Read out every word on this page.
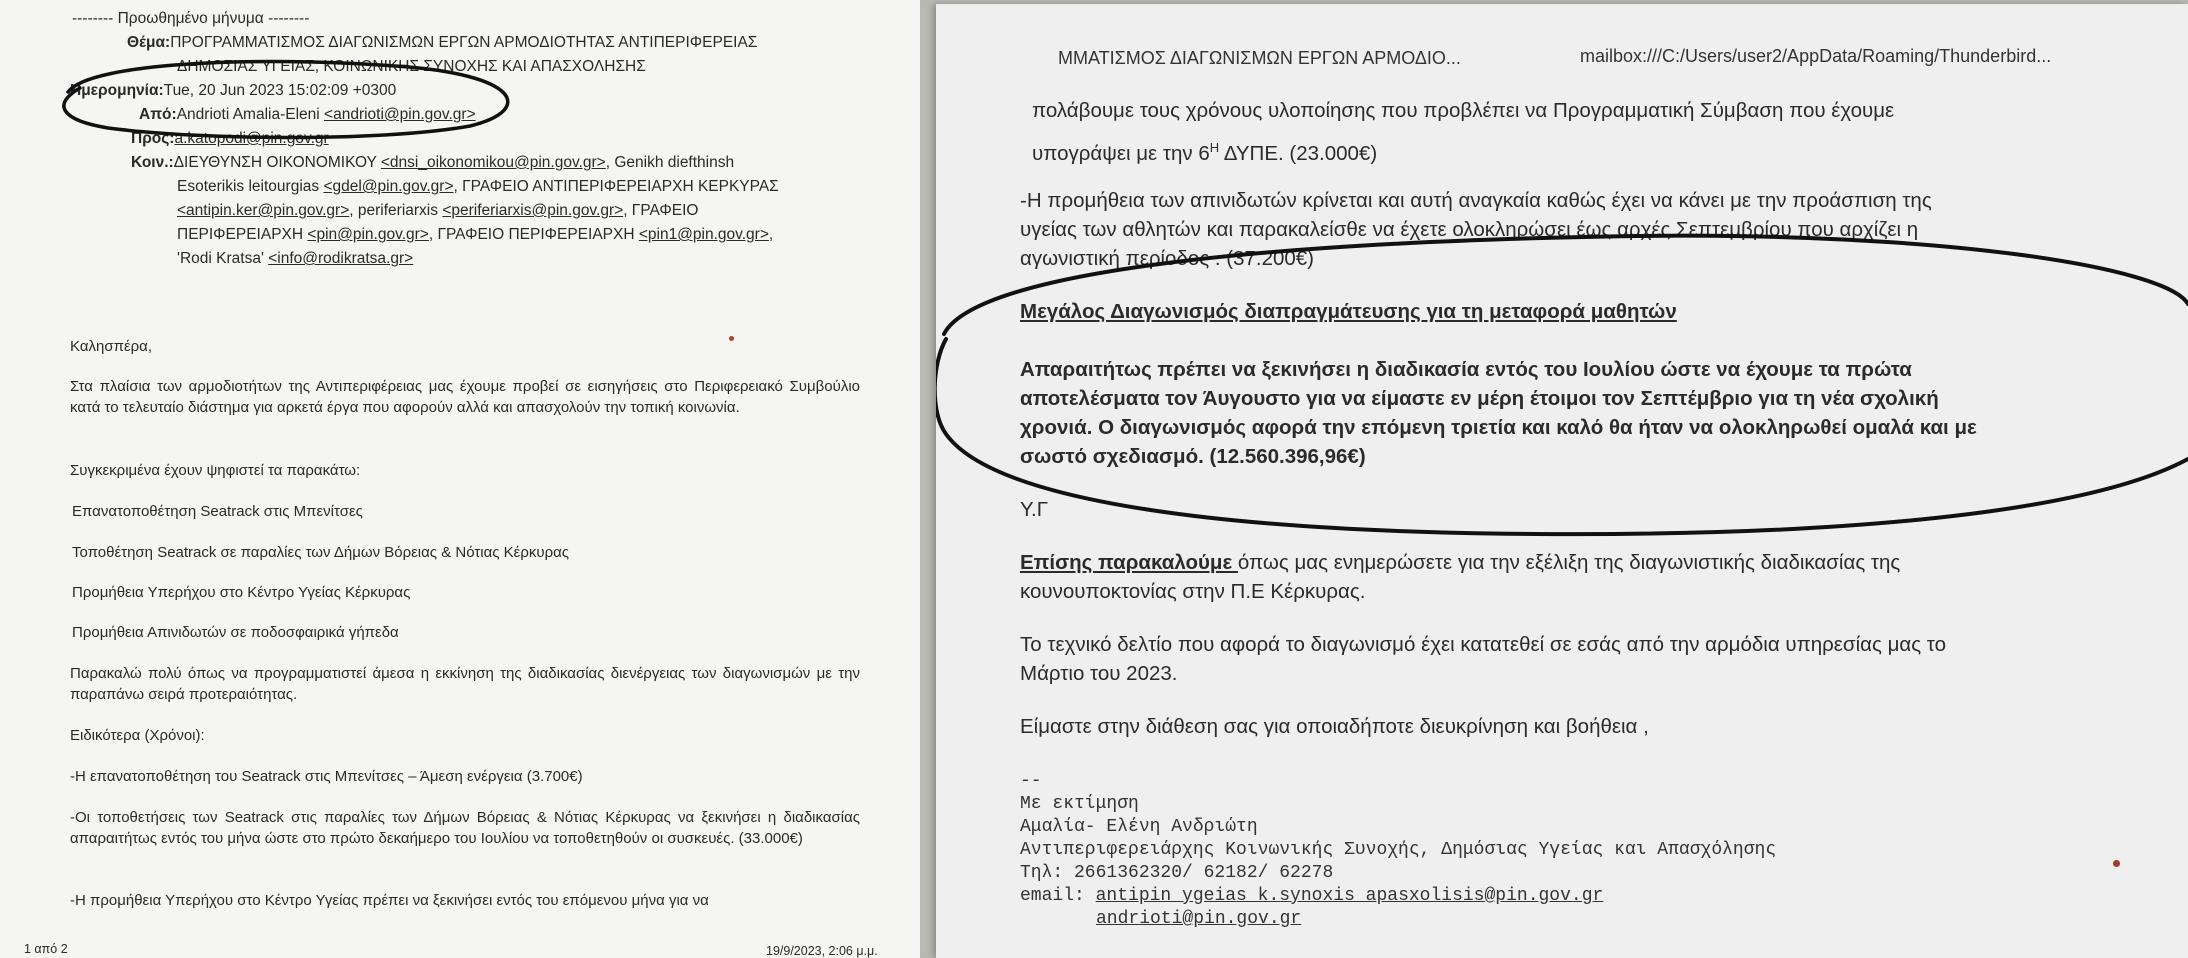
-------- Προωθημένο μήνυμα --------
Θέμα:ΠΡΟΓΡΑΜΜΑΤΙΣΜΟΣ ΔΙΑΓΩΝΙΣΜΩΝ ΕΡΓΩΝ ΑΡΜΟΔΙΟΤΗΤΑΣ ΑΝΤΙΠΕΡΙΦΕΡΕΙΑΣ
ΔΗΜΟΣΙΑΣ ΥΓΕΙΑΣ, ΚΟΙΝΩΝΙΚΗΣ ΣΥΝΟΧΗΣ ΚΑΙ ΑΠΑΣΧΟΛΗΣΗΣ
Ημερομηνία:Tue, 20 Jun 2023 15:02:09 +0300
Από:Andrioti Amalia-Eleni <andrioti@pin.gov.gr>
Προς:a.katopodi@pin.gov.gr
Κοιν.:ΔΙΕΥΘΥΝΣΗ ΟΙΚΟΝΟΜΙΚΟΥ <dnsi_oikonomikou@pin.gov.gr>, Genikh diefthinsh
Esoterikis leitourgias <gdel@pin.gov.gr>, ΓΡΑΦΕΙΟ ΑΝΤΙΠΕΡΙΦΕΡΕΙΑΡΧΗ ΚΕΡΚΥΡΑΣ
<antipin.ker@pin.gov.gr>, periferiarxis <periferiarxis@pin.gov.gr>, ΓΡΑΦΕΙΟ
ΠΕΡΙΦΕΡΕΙΑΡΧΗ <pin@pin.gov.gr>, ΓΡΑΦΕΙΟ ΠΕΡΙΦΕΡΕΙΑΡΧΗ <pin1@pin.gov.gr>,
'Rodi Kratsa' <info@rodikratsa.gr>
Καλησπέρα,
Στα πλαίσια των αρμοδιοτήτων της Αντιπεριφέρειας μας έχουμε προβεί σε εισηγήσεις στο Περιφερειακό Συμβούλιο κατά το τελευταίο διάστημα για αρκετά έργα που αφορούν αλλά και απασχολούν την τοπική κοινωνία.
Συγκεκριμένα έχουν ψηφιστεί τα παρακάτω:
Επανατοποθέτηση Seatrack στις Μπενίτσες
Τοποθέτηση Seatrack σε παραλίες των Δήμων Βόρειας & Νότιας Κέρκυρας
Προμήθεια Υπερήχου στο Κέντρο Υγείας Κέρκυρας
Προμήθεια Απινιδωτών σε ποδοσφαιρικά γήπεδα
Παρακαλώ πολύ όπως να προγραμματιστεί άμεσα η εκκίνηση της διαδικασίας διενέργειας των διαγωνισμών με την παραπάνω σειρά προτεραιότητας.
Ειδικότερα (Χρόνοι):
-Η επανατοποθέτηση του Seatrack στις Μπενίτσες – Άμεση ενέργεια (3.700€)
-Οι τοποθετήσεις των Seatrack στις παραλίες των Δήμων Βόρειας & Νότιας Κέρκυρας να ξεκινήσει η διαδικασίας απαραιτήτως εντός του μήνα ώστε στο πρώτο δεκαήμερο του Ιουλίου να τοποθετηθούν οι συσκευές. (33.000€)
-Η προμήθεια Υπερήχου στο Κέντρο Υγείας πρέπει να ξεκινήσει εντός του επόμενου μήνα για να
1 από 2	19/9/2023, 2:06 μ.μ.
ΜΜΑΤΙΣΜΟΣ ΔΙΑΓΩΝΙΣΜΩΝ ΕΡΓΩΝ ΑΡΜΟΔΙΟ...	mailbox:///C:/Users/user2/AppData/Roaming/Thunderbird...
πολάβουμε τους χρόνους υλοποίησης που προβλέπει να Προγραμματική Σύμβαση που έχουμε
υπογράψει με την $6^H$ ΔΥΠΕ. (23.000€)
-Η προμήθεια των απινιδωτών κρίνεται και αυτή αναγκαία καθώς έχει να κάνει με την προάσπιση της
υγείας των αθλητών και παρακαλείσθε να έχετε ολοκληρώσει έως αρχές Σεπτεμβρίου που αρχίζει η
αγωνιστική περίοδος . (37.200€)
Μεγάλος Διαγωνισμός διαπραγμάτευσης για τη μεταφορά μαθητών
Απαραιτήτως πρέπει να ξεκινήσει η διαδικασία εντός του Ιουλίου ώστε να έχουμε τα πρώτα
αποτελέσματα τον Άυγουστο για να είμαστε εν μέρη έτοιμοι τον Σεπτέμβριο για τη νέα σχολική
χρονιά. Ο διαγωνισμός αφορά την επόμενη τριετία και καλό θα ήταν να ολοκληρωθεί ομαλά και με
σωστό σχεδιασμό. (12.560.396,96€)
Υ.Γ
Επίσης παρακαλούμε όπως μας ενημερώσετε για την εξέλιξη της διαγωνιστικής διαδικασίας της
κουνουποκτονίας στην Π.Ε Κέρκυρας.
Το τεχνικό δελτίο που αφορά το διαγωνισμό έχει κατατεθεί σε εσάς από την αρμόδια υπηρεσίας μας το
Μάρτιο του 2023.
Είμαστε στην διάθεση σας για οποιαδήποτε διευκρίνηση και βοήθεια ,
--
Με εκτίμηση
Αμαλία- Ελένη Ανδριώτη
Αντιπεριφερειάρχης Κοινωνικής Συνοχής, Δημόσιας Υγείας και Απασχόλησης
Τηλ: 2661362320/ 62182/ 62278
email: antipin_ygeias_k.synoxis_apasxolisis@pin.gov.gr
andrioti@pin.gov.gr
